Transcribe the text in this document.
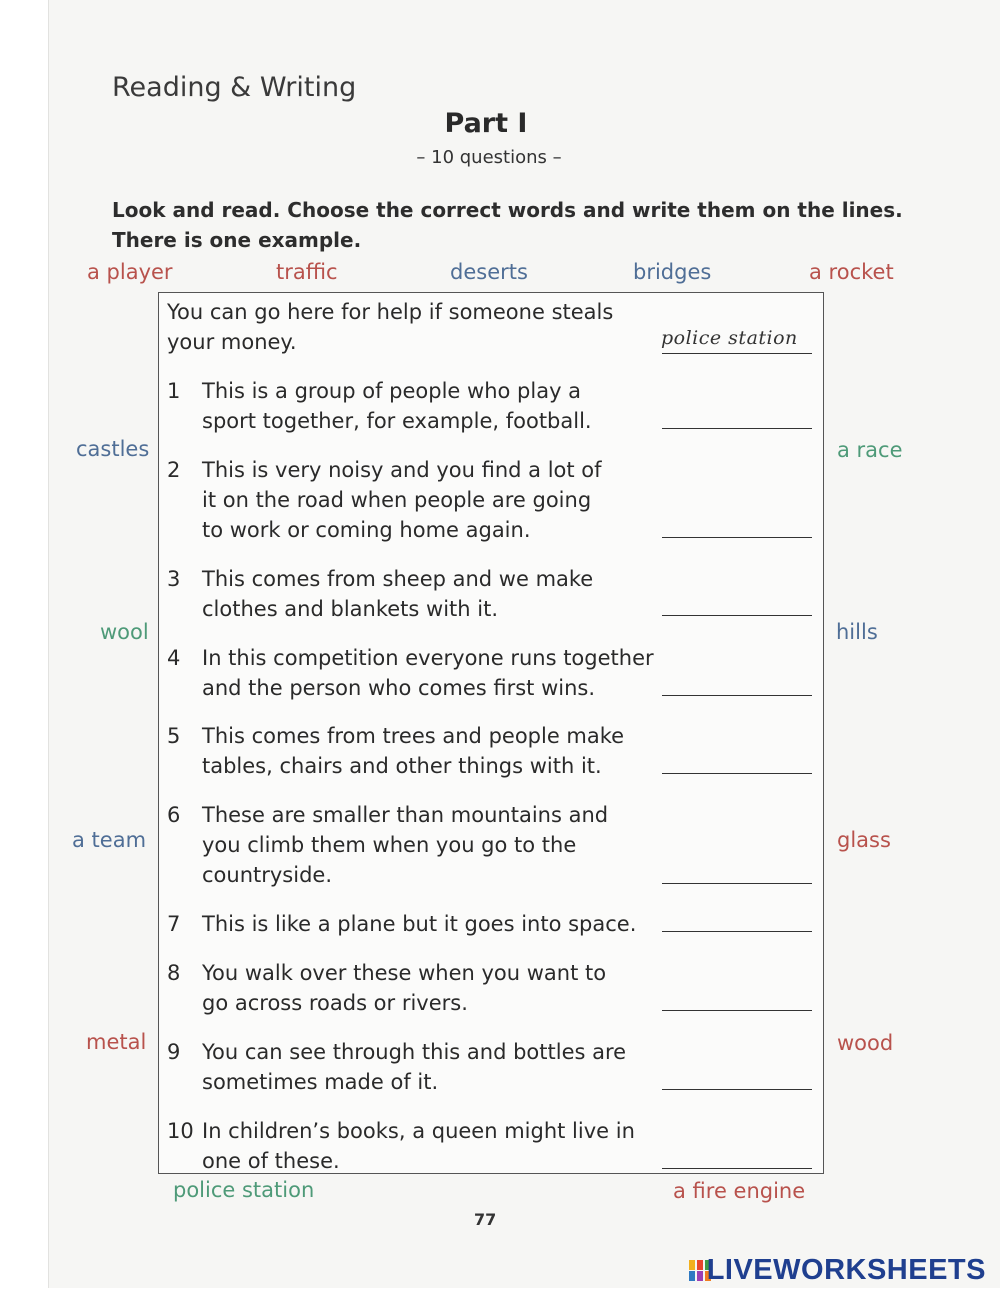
Reading & Writing
Part I
– 10 questions –
Look and read. Choose the correct words and write them on the lines.
There is one example.
a player	traffic	deserts	bridges	a rocket
castles
wool
a team
metal
a race
hills
glass
wood
police station	a fire engine
You can go here for help if someone steals
your money.	police station
1	This is a group of people who play a
sport together, for example, football.
2	This is very noisy and you find a lot of
it on the road when people are going
to work or coming home again.
3	This comes from sheep and we make
clothes and blankets with it.
4	In this competition everyone runs together
and the person who comes first wins.
5	This comes from trees and people make
tables, chairs and other things with it.
6	These are smaller than mountains and
you climb them when you go to the
countryside.
7	This is like a plane but it goes into space.
8	You walk over these when you want to
go across roads or rivers.
9	You can see through this and bottles are
sometimes made of it.
10 In children’s books, a queen might live in
one of these.
77
LIVEWORKSHEETS
